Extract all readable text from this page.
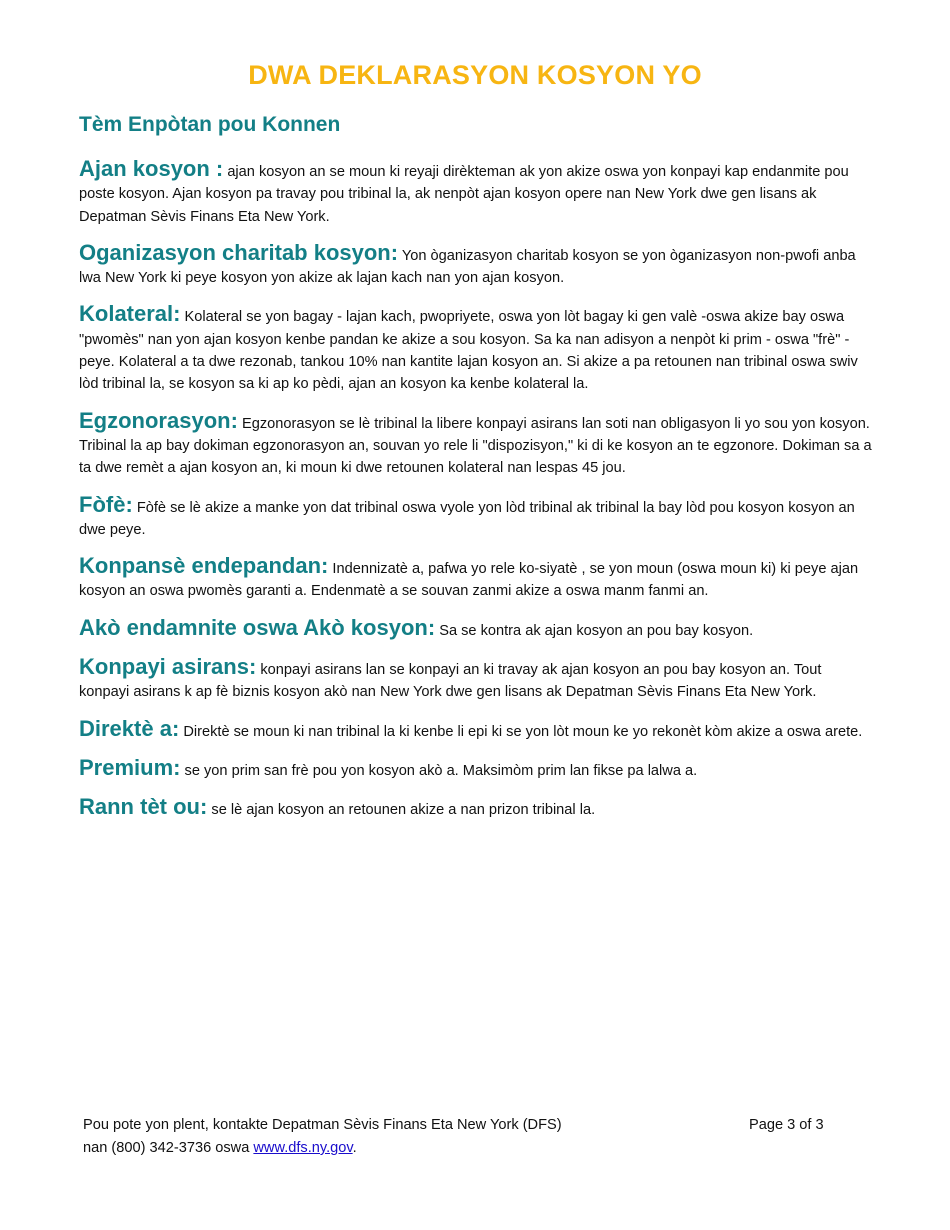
DWA DEKLARASYON KOSYON YO
Tèm Enpòtan pou Konnen

Ajan kosyon : ajan kosyon an se moun ki reyaji dirèkteman ak yon akize oswa yon konpayi kap endanmite pou poste kosyon. Ajan kosyon pa travay pou tribinal la, ak nenpòt ajan kosyon opere nan New York dwe gen lisans ak Depatman Sèvis Finans Eta New York.

Oganizasyon charitab kosyon: Yon òganizasyon charitab kosyon se yon òganizasyon non-pwofi anba lwa New York ki peye kosyon yon akize ak lajan kach nan yon ajan kosyon.

Kolateral: Kolateral se yon bagay - lajan kach, pwopriyete, oswa yon lòt bagay ki gen valè -oswa akize bay oswa "pwomès" nan yon ajan kosyon kenbe pandan ke akize a sou kosyon. Sa ka nan adisyon a nenpòt ki prim - oswa "frè" -peye. Kolateral a ta dwe rezonab, tankou 10% nan kantite lajan kosyon an. Si akize a pa retounen nan tribinal oswa swiv lòd tribinal la, se kosyon sa ki ap ko pèdi, ajan an kosyon ka kenbe kolateral la.

Egzonorasyon: Egzonorasyon se lè tribinal la libere konpayi asirans lan soti nan obligasyon li yo sou yon kosyon. Tribinal la ap bay dokiman egzonorasyon an, souvan yo rele li "dispozisyon," ki di ke kosyon an te egzonore. Dokiman sa a ta dwe remèt a ajan kosyon an, ki moun ki dwe retounen kolateral nan lespas 45 jou.

Fòfè: Fòfè se lè akize a manke yon dat tribinal oswa vyole yon lòd tribinal ak tribinal la bay lòd pou kosyon kosyon an dwe peye.

Konpansè endepandan: Indennizatè a, pafwa yo rele ko-siyatè , se yon moun (oswa moun ki) ki peye ajan kosyon an oswa pwomès garanti a. Endenmatè a se souvan zanmi akize a oswa manm fanmi an.

Akò endamnite oswa Akò kosyon: Sa se kontra ak ajan kosyon an pou bay kosyon.

Konpayi asirans: konpayi asirans lan se konpayi an ki travay ak ajan kosyon an pou bay kosyon an. Tout konpayi asirans k ap fè biznis kosyon akò nan New York dwe gen lisans ak Depatman Sèvis Finans Eta New York.

Direktè a: Direktè se moun ki nan tribinal la ki kenbe li epi ki se yon lòt moun ke yo rekonèt kòm akize a oswa arete.

Premium: se yon prim san frè pou yon kosyon akò a. Maksimòm prim lan fikse pa lalwa a.

Rann tèt ou: se lè ajan kosyon an retounen akize a nan prizon tribinal la.

Pou pote yon plent, kontakte Depatman Sèvis Finans Eta New York (DFS)
nan (800) 342-3736 oswa www.dfs.ny.gov.
Page 3 of 3
